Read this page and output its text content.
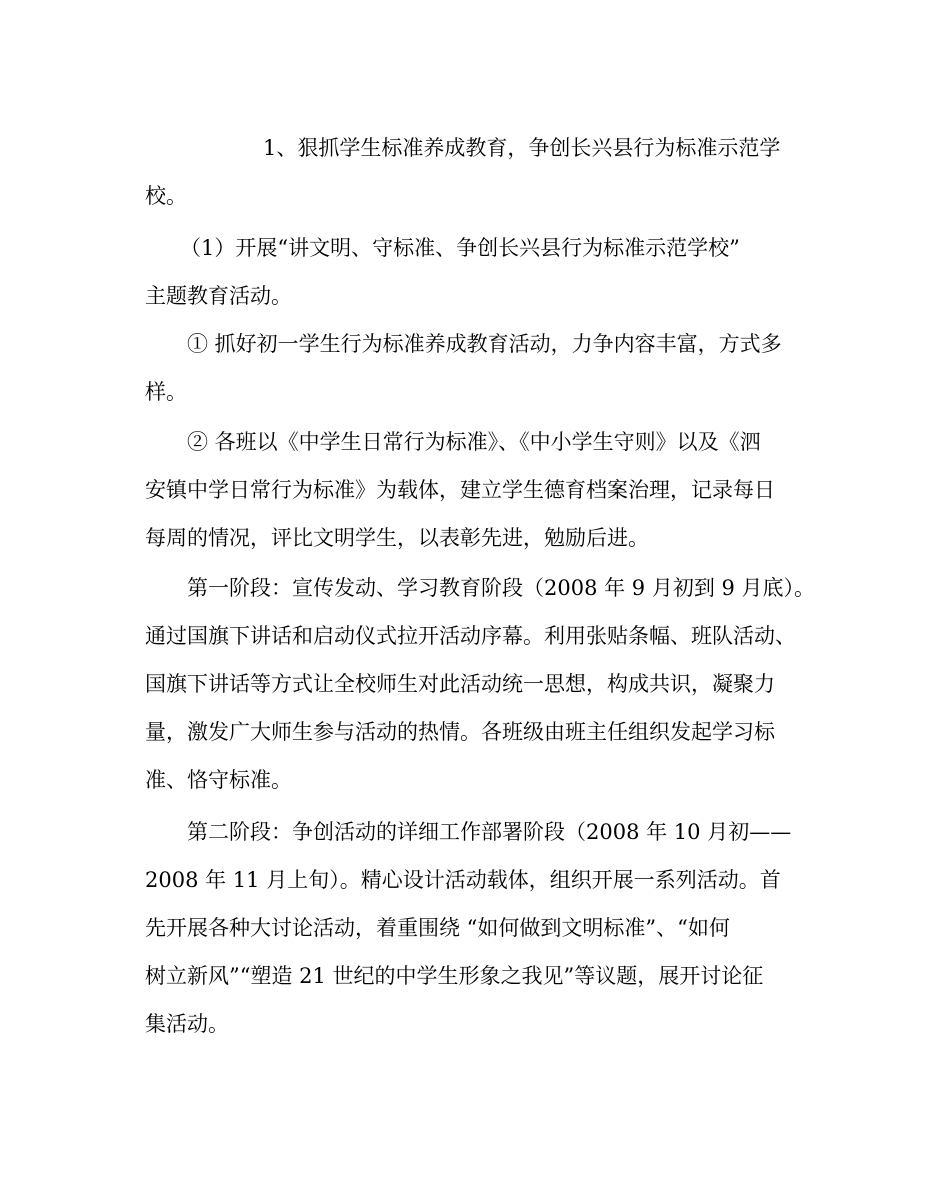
1、狠抓学生标准养成教育，争创长兴县行为标准示范学
校。
（1）开展“讲文明、守标准、争创长兴县行为标准示范学校”
主题教育活动。
① 抓好初一学生行为标准养成教育活动，力争内容丰富，方式多
样。
② 各班以《中学生日常行为标准》、《中小学生守则》以及《泗
安镇中学日常行为标准》为载体，建立学生德育档案治理，记录每日
每周的情况，评比文明学生，以表彰先进，勉励后进。
第一阶段：宣传发动、学习教育阶段（2008 年 9 月初到 9 月底）。
通过国旗下讲话和启动仪式拉开活动序幕。利用张贴条幅、班队活动、
国旗下讲话等方式让全校师生对此活动统一思想，构成共识，凝聚力
量，激发广大师生参与活动的热情。各班级由班主任组织发起学习标
准、恪守标准。
第二阶段：争创活动的详细工作部署阶段（2008 年 10 月初——
2008 年 11 月上旬）。精心设计活动载体，组织开展一系列活动。首
先开展各种大讨论活动，着重围绕 “如何做到文明标准”、“如何
树立新风”“塑造 21 世纪的中学生形象之我见”等议题，展开讨论征
集活动。
